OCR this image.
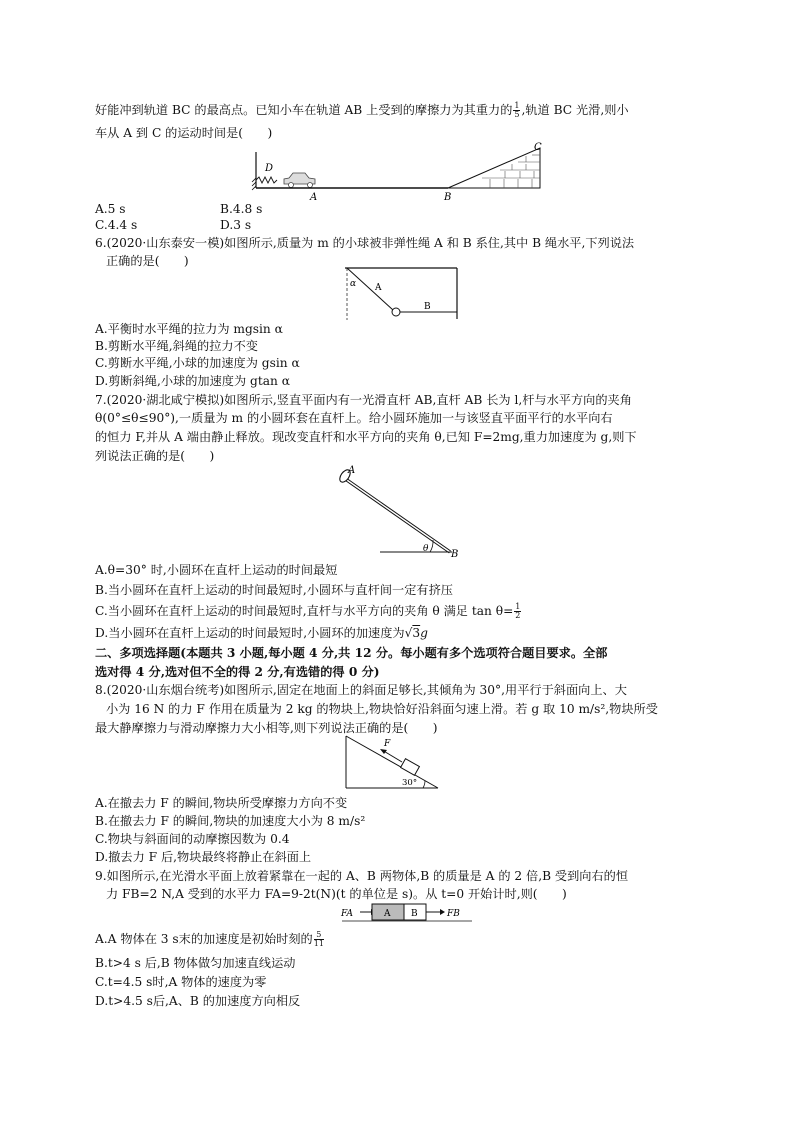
好能冲到轨道 BC 的最高点。已知小车在轨道 AB 上受到的摩擦力为其重力的 $\frac{1}{5}$ ,轨道 BC 光滑,则小
车从 A 到 C 的运动时间是(　　)
D
A	B
C
A.5 s	B.4.8 s
C.4.4 s	D.3 s
6.(2020·山东泰安一模)如图所示,质量为 m 的小球被非弹性绳 A 和 B 系住,其中 B 绳水平,下列说法
正确的是(　　)
α A
B
A.平衡时水平绳的拉力为 mgsin α
B.剪断水平绳,斜绳的拉力不变
C.剪断水平绳,小球的加速度为 gsin α
D.剪断斜绳,小球的加速度为 gtan α
7.(2020·湖北咸宁模拟)如图所示,竖直平面内有一光滑直杆 AB,直杆 AB 长为 l,杆与水平方向的夹角
θ(0°≤θ≤90°),一质量为 m 的小圆环套在直杆上。给小圆环施加一与该竖直平面平行的水平向右
的恒力 F,并从 A 端由静止释放。现改变直杆和水平方向的夹角 θ,已知 F=2mg,重力加速度为 g,则下
列说法正确的是(　　)
A
B
θ
A.θ=30° 时,小圆环在直杆上运动的时间最短
B.当小圆环在直杆上运动的时间最短时,小圆环与直杆间一定有挤压
C.当小圆环在直杆上运动的时间最短时,直杆与水平方向的夹角 θ 满足 $\tan \theta= \frac{1}{2}$
D.当小圆环在直杆上运动的时间最短时,小圆环的加速度为√3g
二、多项选择题(本题共 3 小题,每小题 4 分,共 12 分。每小题有多个选项符合题目要求。全部
选对得 4 分,选对但不全的得 2 分,有选错的得 0 分)
8.(2020·山东烟台统考)如图所示,固定在地面上的斜面足够长,其倾角为 30°,用平行于斜面向上、大
小为 16 N 的力 F 作用在质量为 2 kg 的物块上,物块恰好沿斜面匀速上滑。若 g 取 10 m/s²,物块所受
最大静摩擦力与滑动摩擦力大小相等,则下列说法正确的是(　　)
F
30°
A.在撤去力 F 的瞬间,物块所受摩擦力方向不变
B.在撤去力 F 的瞬间,物块的加速度大小为 8 m/s²
C.物块与斜面间的动摩擦因数为 0.4
D.撤去力 F 后,物块最终将静止在斜面上
9.如图所示,在光滑水平面上放着紧靠在一起的 A、B 两物体,B 的质量是 A 的 2 倍,B 受到向右的恒
力 FB=2 N,A 受到的水平力 FA=9-2t(N)(t 的单位是 s)。从 t=0 开始计时,则(　　)
FA	A B	FB
A.A 物体在 3 s末的加速度是初始时刻的 $\frac{5}{11}$
B.t>4 s 后,B 物体做匀加速直线运动
C.t=4.5 s时,A 物体的速度为零
D.t>4.5 s后,A、B 的加速度方向相反
